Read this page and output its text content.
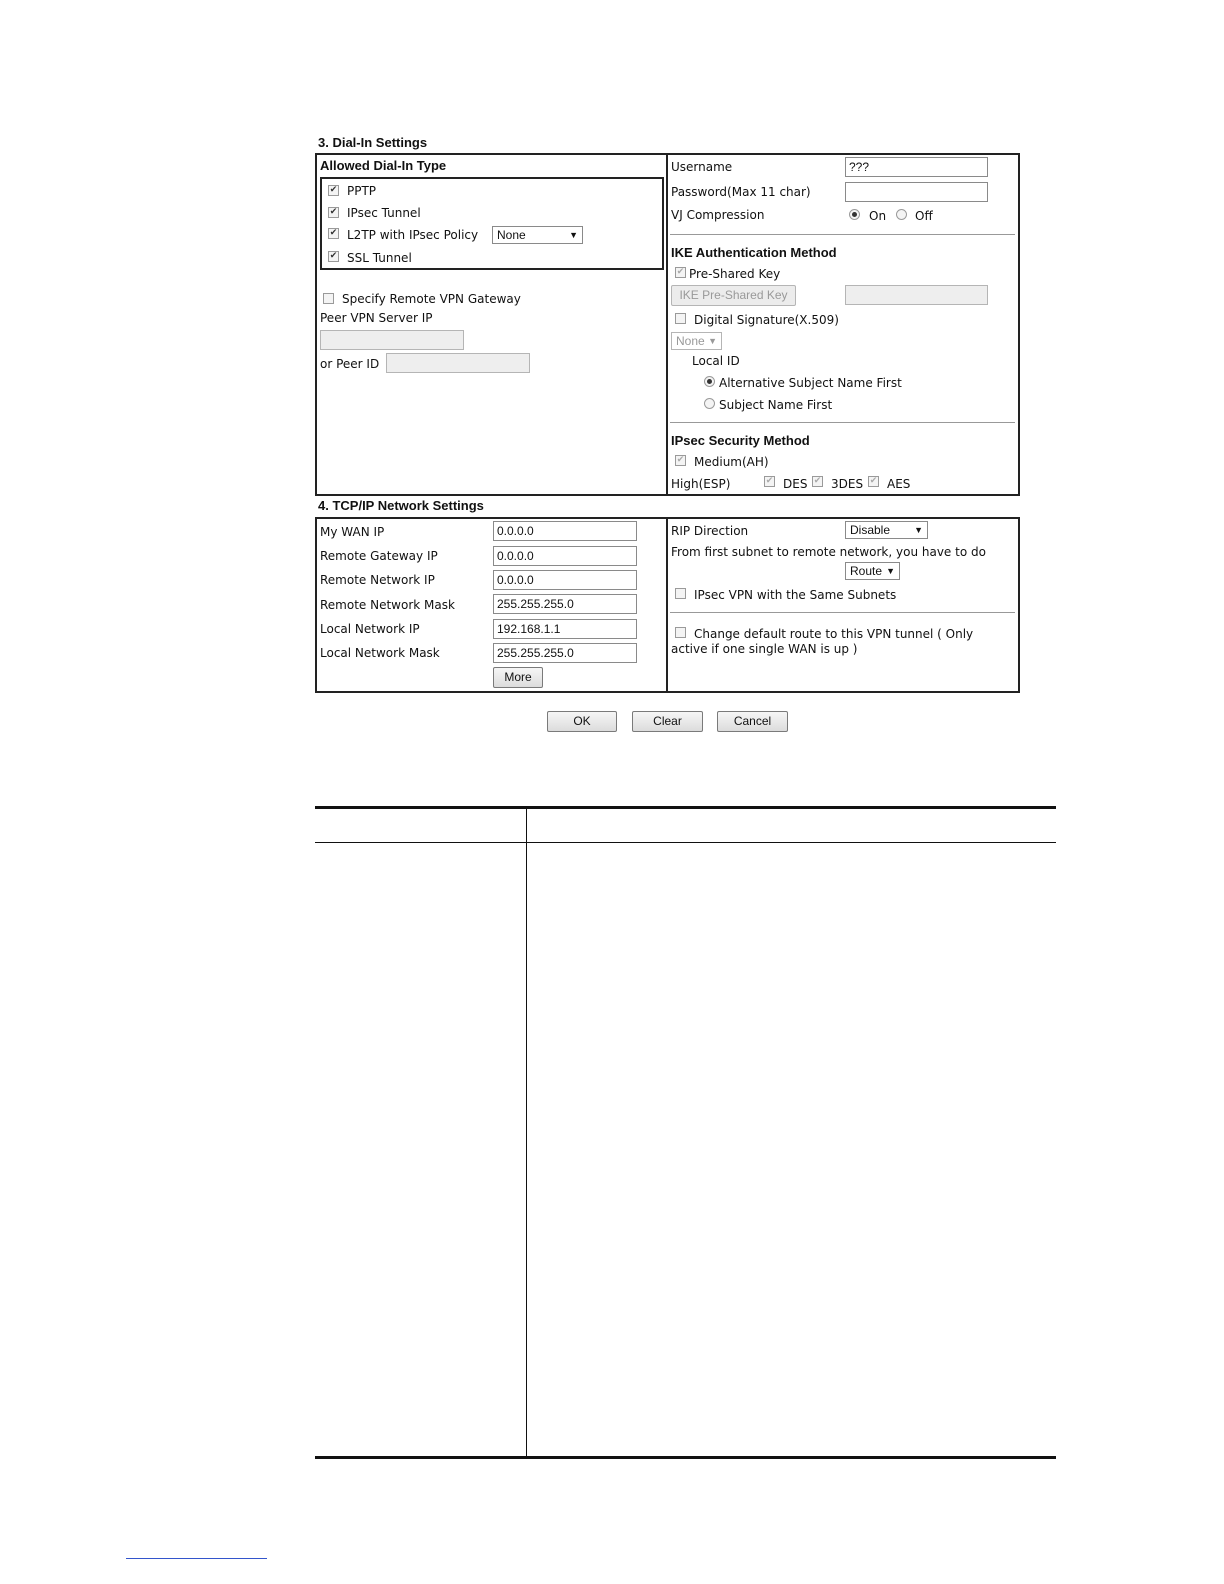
3. Dial-In Settings
Allowed Dial-In Type
✔ PPTP
✔ IPsec Tunnel
✔ L2TP with IPsec Policy	None	▼
✔ SSL Tunnel
Specify Remote VPN Gateway
Peer VPN Server IP
or Peer ID
Username	???
Password(Max 11 char)
VJ Compression	On Off
IKE Authentication Method
✔ Pre-Shared Key
IKE Pre-Shared Key
Digital Signature(X.509)
None ▼
Local ID
Alternative Subject Name First
Subject Name First
IPsec Security Method
✔ Medium(AH)
High(ESP)	✔ DES ✔ 3DES ✔ AES
4. TCP/IP Network Settings
My WAN IP	0.0.0.0
Remote Gateway IP	0.0.0.0
Remote Network IP	0.0.0.0
Remote Network Mask	255.255.255.0
Local Network IP	192.168.1.1
Local Network Mask	255.255.255.0
More
RIP Direction	Disable	▼
From first subnet to remote network, you have to do
Route ▼
IPsec VPN with the Same Subnets
Change default route to this VPN tunnel ( Only
active if one single WAN is up )
OK	Clear	Cancel
